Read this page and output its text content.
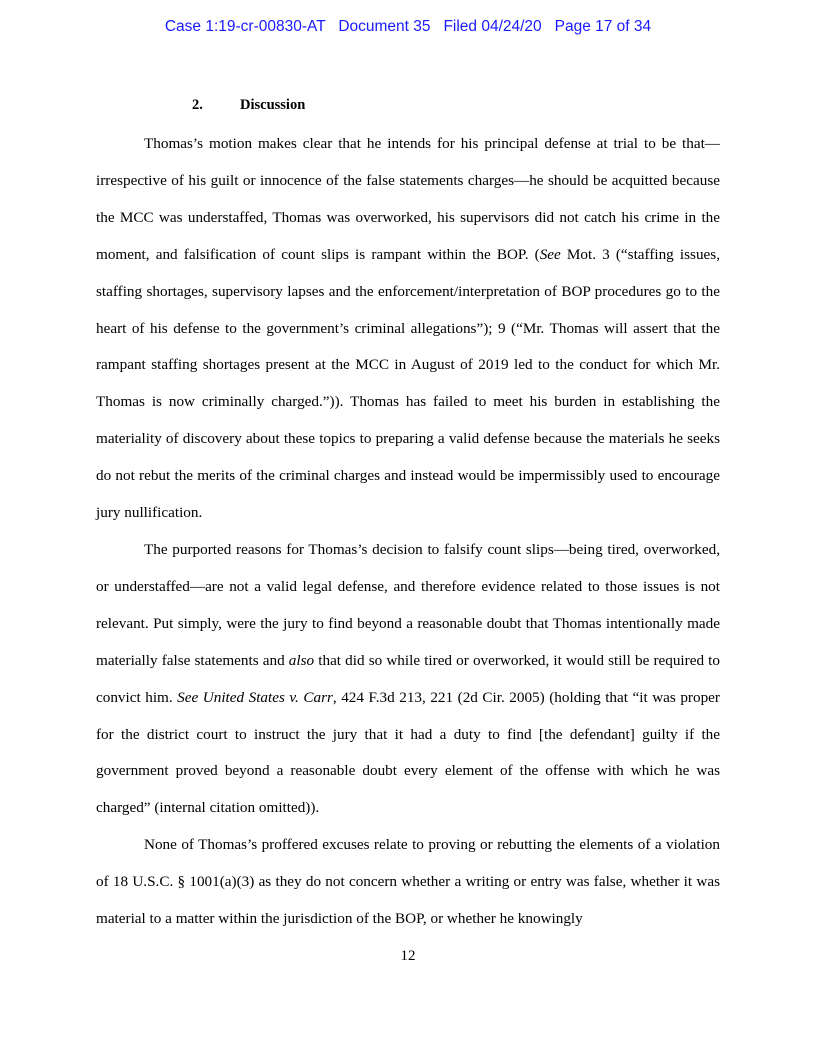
Case 1:19-cr-00830-AT Document 35 Filed 04/24/20 Page 17 of 34
2.	Discussion

Thomas’s motion makes clear that he intends for his principal defense at trial to be that—irrespective of his guilt or innocence of the false statements charges—he should be acquitted because the MCC was understaffed, Thomas was overworked, his supervisors did not catch his crime in the moment, and falsification of count slips is rampant within the BOP. (See Mot. 3 (“staffing issues, staffing shortages, supervisory lapses and the enforcement/interpretation of BOP procedures go to the heart of his defense to the government’s criminal allegations”); 9 (“Mr. Thomas will assert that the rampant staffing shortages present at the MCC in August of 2019 led to the conduct for which Mr. Thomas is now criminally charged.”)). Thomas has failed to meet his burden in establishing the materiality of discovery about these topics to preparing a valid defense because the materials he seeks do not rebut the merits of the criminal charges and instead would be impermissibly used to encourage jury nullification.

The purported reasons for Thomas’s decision to falsify count slips—being tired, overworked, or understaffed—are not a valid legal defense, and therefore evidence related to those issues is not relevant. Put simply, were the jury to find beyond a reasonable doubt that Thomas intentionally made materially false statements and also that did so while tired or overworked, it would still be required to convict him. See United States v. Carr, 424 F.3d 213, 221 (2d Cir. 2005) (holding that “it was proper for the district court to instruct the jury that it had a duty to find [the defendant] guilty if the government proved beyond a reasonable doubt every element of the offense with which he was charged” (internal citation omitted)).

None of Thomas’s proffered excuses relate to proving or rebutting the elements of a violation of 18 U.S.C. § 1001(a)(3) as they do not concern whether a writing or entry was false, whether it was material to a matter within the jurisdiction of the BOP, or whether he knowingly

12
